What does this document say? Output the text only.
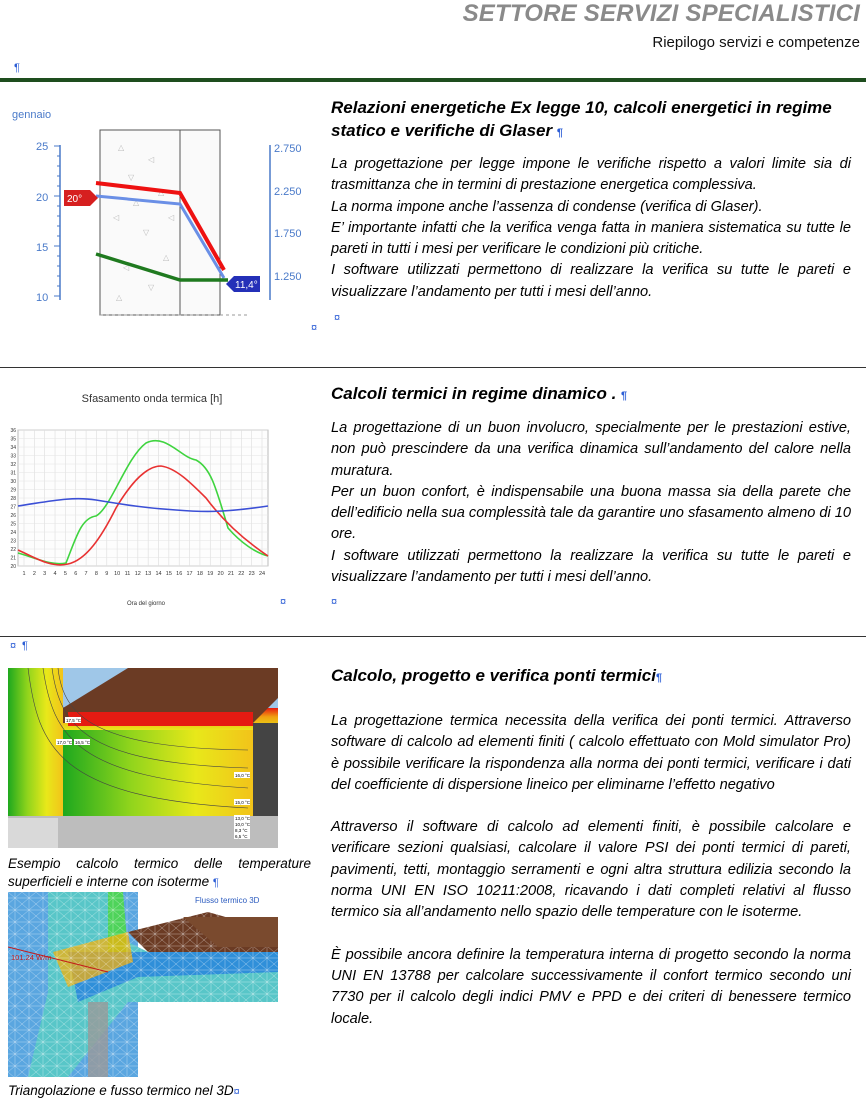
SETTORE SERVIZI SPECIALISTICI
Riepilogo servizi e competenze
¶
gennaio
25
20
15
10
2.750
2.250
1.750
1.250
△
◁
▽
△
◁
▽
△
◁
▽
△
◁
△
20°
11,4°
¤
Relazioni energetiche Ex legge 10, calcoli energetici in regime statico e verifiche di Glaser ¶

La progettazione per legge impone le verifiche rispetto a valori limite sia di trasmittanza che in termini di prestazione energetica complessiva.

La norma impone anche l’assenza di condense (verifica di Glaser).

E’ importante infatti che la verifica venga fatta in maniera sistematica su tutte le pareti in tutti i mesi per verificare le condizioni più critiche.

I software utilizzati permettono di realizzare la verifica su tutte le pareti e visualizzare l’andamento per tutti i mesi dell’anno.

¤
Sfasamento onda termica [h]
1 2 3 4 5 6 7 8 9 10 11 12 13 14 15 16 17 18 19 20 21 22 23 24
20
21
22
23
24
25
26
27
28
29
30
31
32
33
34
35
36
Ora del giorno	¤
Calcoli termici in regime dinamico . ¶

La progettazione di un buon involucro, specialmente per le prestazioni estive, non può prescindere da una verifica dinamica sull’andamento del calore nella muratura.

Per un buon confort, è indispensabile una buona massa sia della parete che dell’edificio nella sua complessità tale da garantire uno sfasamento almeno di 10 ore.

I software utilizzati permettono la realizzare la verifica su tutte le pareti e visualizzare l’andamento per tutti i mesi dell’anno.

¤
¤ ¶
17,5 °C
17,0 °C 16,5 °C
16,0 °C
15,0 °C
13,0 °C
10,0 °C
8,3 °C
6,5 °C
Esempio calcolo termico delle temperature superficieli e interne con isoterme ¶
Flusso termico 3D
101.24 W/m
Triangolazione e fusso termico nel 3D¤
Calcolo, progetto e verifica ponti termici¶

La progettazione termica necessita della verifica dei ponti termici. Attraverso software di calcolo ad elementi finiti ( calcolo effettuato con Mold simulator Pro) è possibile verificare la rispondenza alla norma dei ponti termici, verificare i dati del coefficiente di dispersione lineico per eliminarne l’effetto negativo

Attraverso il software di calcolo ad elementi finiti, è possibile calcolare e verificare sezioni qualsiasi, calcolare il valore PSI dei ponti termici di pareti, pavimenti, tetti, montaggio serramenti e ogni altra struttura edilizia secondo la norma UNI EN ISO 10211:2008, ricavando i dati completi relativi al flusso termico sia all’andamento nello spazio delle temperature con le isoterme.

È possibile ancora definire la temperatura interna di progetto secondo la norma UNI EN 13788 per calcolare successivamente il confort termico secondo uni 7730 per il calcolo degli indici PMV e PPD e dei criteri di benessere termico locale.
